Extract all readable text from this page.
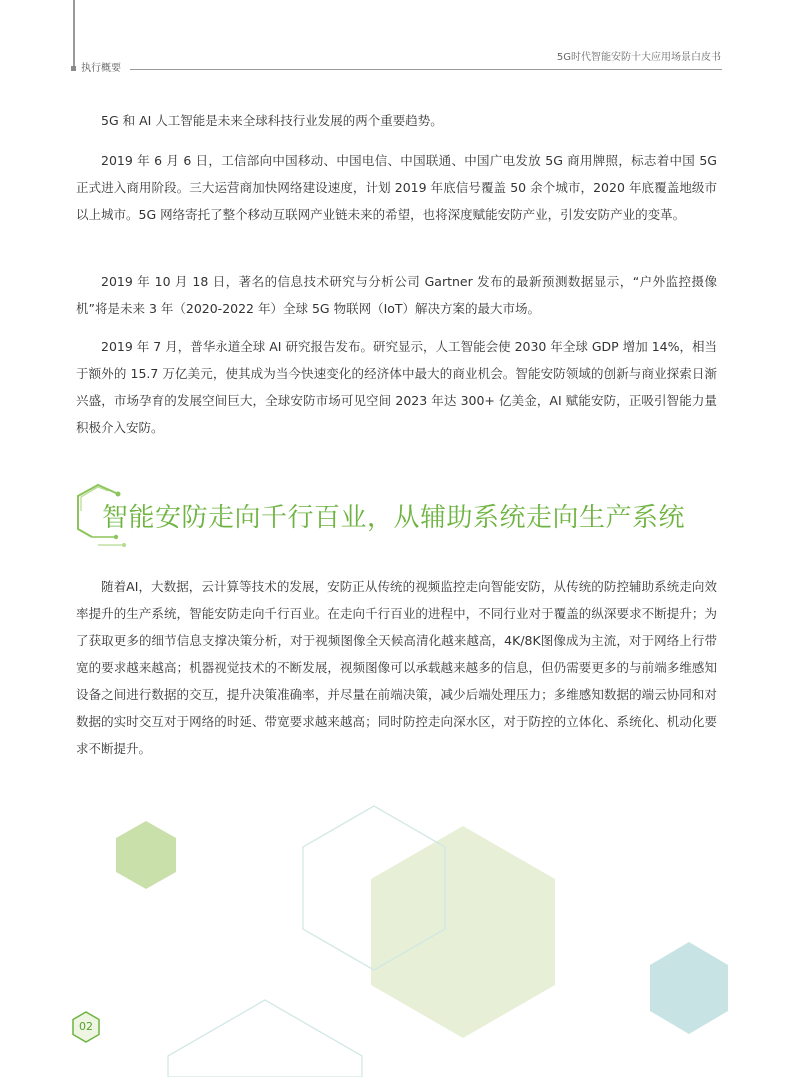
执行概要
5G时代智能安防十大应用场景白皮书

5G 和 AI 人工智能是未来全球科技行业发展的两个重要趋势。

2019 年 6 月 6 日，工信部向中国移动、中国电信、中国联通、中国广电发放 5G 商用牌照，标志着中国 5G 正式进入商用阶段。三大运营商加快网络建设速度，计划 2019 年底信号覆盖 50 余个城市，2020 年底覆盖地级市以上城市。5G 网络寄托了整个移动互联网产业链未来的希望，也将深度赋能安防产业，引发安防产业的变革。

2019 年 10 月 18 日，著名的信息技术研究与分析公司 Gartner 发布的最新预测数据显示，“户外监控摄像机”将是未来 3 年（2020-2022 年）全球 5G 物联网（IoT）解决方案的最大市场。

2019 年 7 月，普华永道全球 AI 研究报告发布。研究显示，人工智能会使 2030 年全球 GDP 增加 14%，相当于额外的 15.7 万亿美元，使其成为当今快速变化的经济体中最大的商业机会。智能安防领域的创新与商业探索日渐兴盛，市场孕育的发展空间巨大，全球安防市场可见空间 2023 年达 300+ 亿美金，AI 赋能安防，正吸引智能力量积极介入安防。

智能安防走向千行百业，从辅助系统走向生产系统

随着AI，大数据，云计算等技术的发展，安防正从传统的视频监控走向智能安防，从传统的防控辅助系统走向效率提升的生产系统，智能安防走向千行百业。在走向千行百业的进程中，不同行业对于覆盖的纵深要求不断提升；为了获取更多的细节信息支撑决策分析，对于视频图像全天候高清化越来越高，4K/8K图像成为主流，对于网络上行带宽的要求越来越高；机器视觉技术的不断发展，视频图像可以承载越来越多的信息，但仍需要更多的与前端多维感知设备之间进行数据的交互，提升决策准确率，并尽量在前端决策，减少后端处理压力；多维感知数据的端云协同和对数据的实时交互对于网络的时延、带宽要求越来越高；同时防控走向深水区，对于防控的立体化、系统化、机动化要求不断提升。

02
